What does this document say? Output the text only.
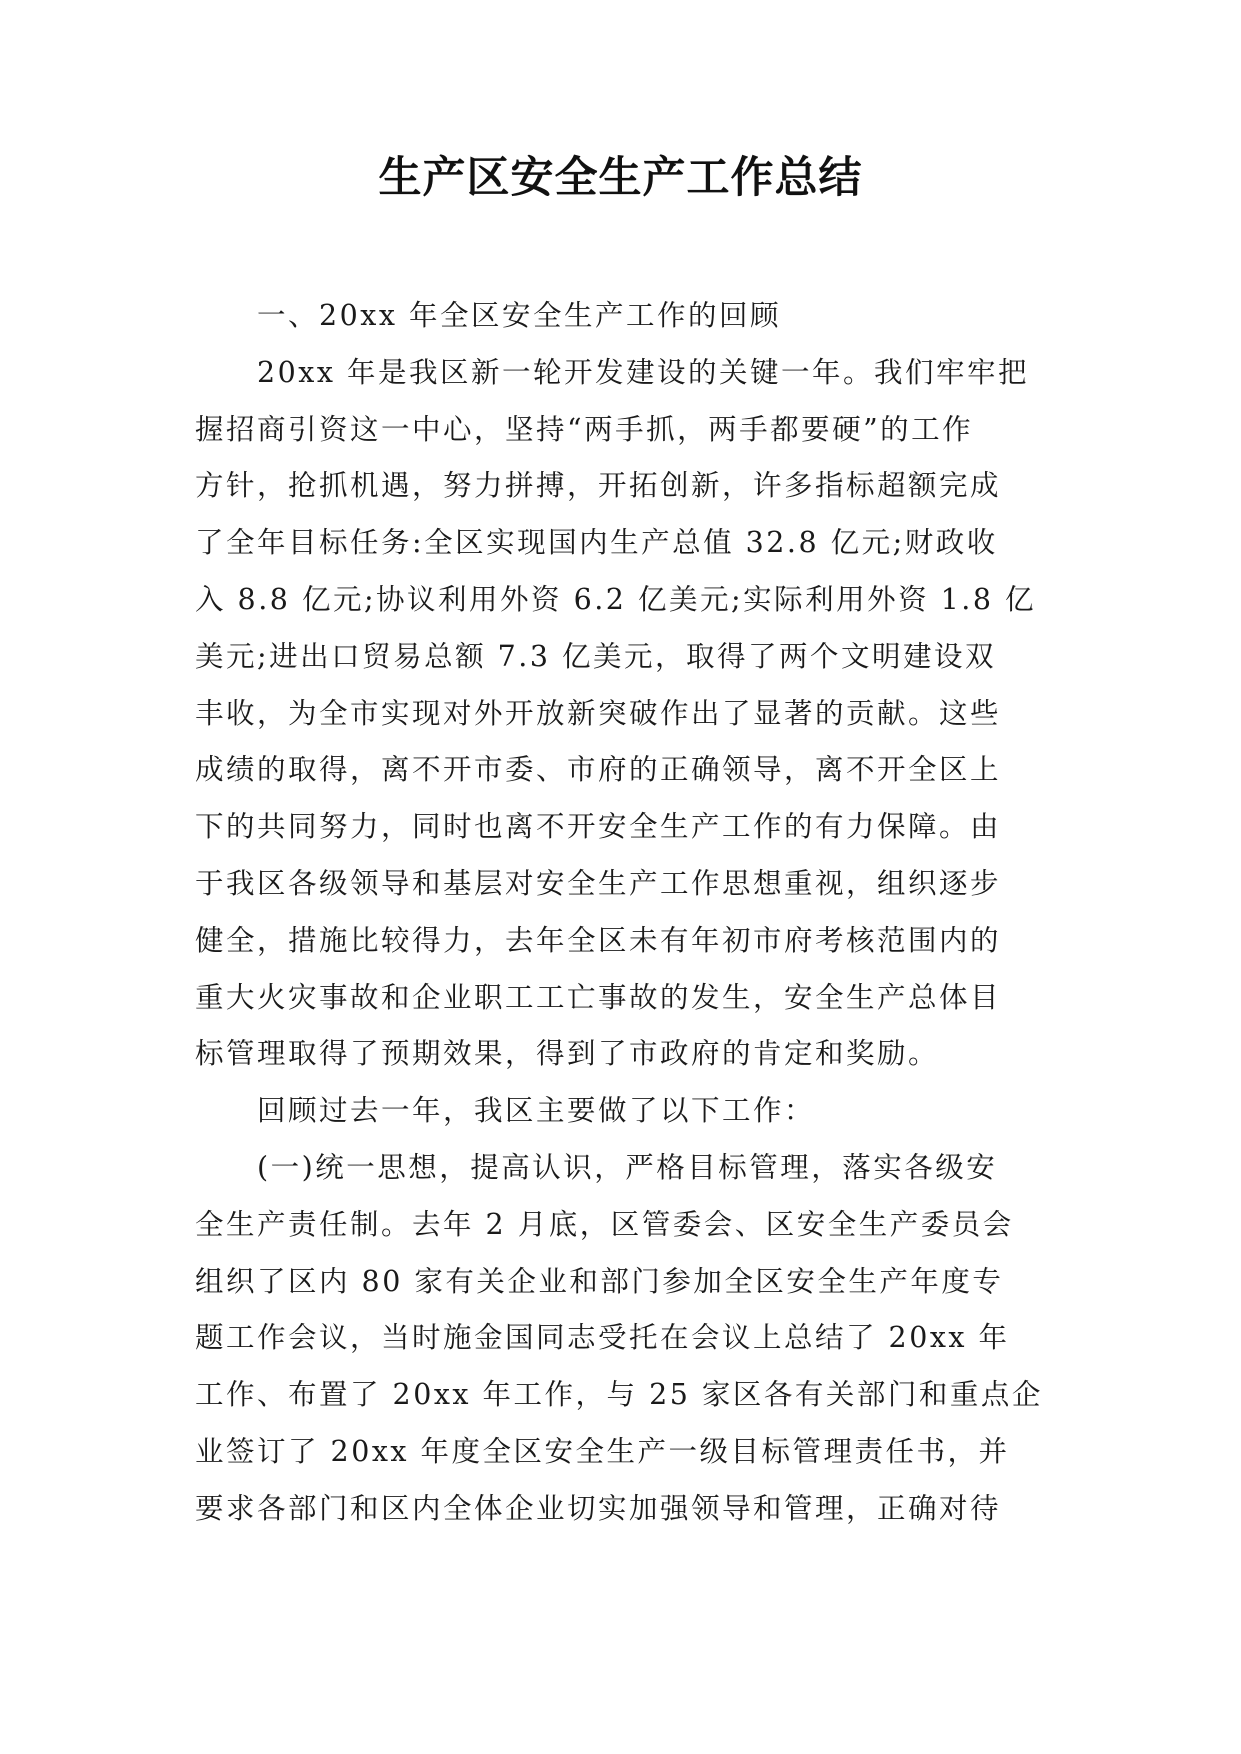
生产区安全生产工作总结
一、20xx 年全区安全生产工作的回顾
20xx 年是我区新一轮开发建设的关键一年。我们牢牢把
握招商引资这一中心，坚持“两手抓，两手都要硬”的工作
方针，抢抓机遇，努力拼搏，开拓创新，许多指标超额完成
了全年目标任务:全区实现国内生产总值 32.8 亿元;财政收
入 8.8 亿元;协议利用外资 6.2 亿美元;实际利用外资 1.8 亿
美元;进出口贸易总额 7.3 亿美元，取得了两个文明建设双
丰收，为全市实现对外开放新突破作出了显著的贡献。这些
成绩的取得，离不开市委、市府的正确领导，离不开全区上
下的共同努力，同时也离不开安全生产工作的有力保障。由
于我区各级领导和基层对安全生产工作思想重视，组织逐步
健全，措施比较得力，去年全区未有年初市府考核范围内的
重大火灾事故和企业职工工亡事故的发生，安全生产总体目
标管理取得了预期效果，得到了市政府的肯定和奖励。
回顾过去一年，我区主要做了以下工作：
(一)统一思想，提高认识，严格目标管理，落实各级安
全生产责任制。去年 2 月底，区管委会、区安全生产委员会
组织了区内 80 家有关企业和部门参加全区安全生产年度专
题工作会议，当时施金国同志受托在会议上总结了 20xx 年
工作、布置了 20xx 年工作，与 25 家区各有关部门和重点企
业签订了 20xx 年度全区安全生产一级目标管理责任书，并
要求各部门和区内全体企业切实加强领导和管理，正确对待
